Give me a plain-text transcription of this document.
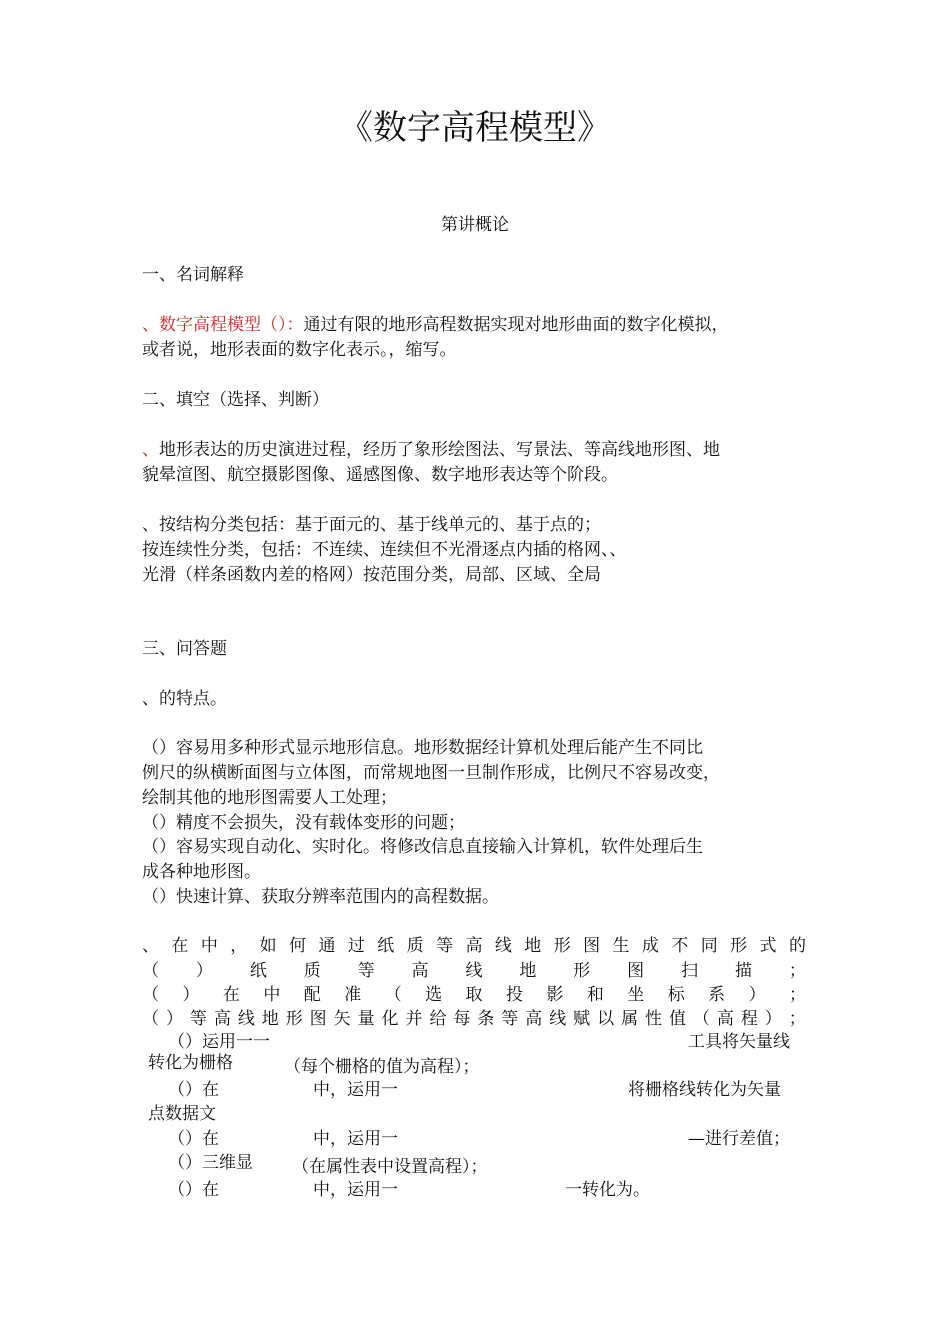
《数字高程模型》
第讲概论
一、名词解释
、数字高程模型（）：通过有限的地形高程数据实现对地形曲面的数字化模拟，
或者说，地形表面的数字化表示。，缩写。
二、填空（选择、判断）
、地形表达的历史演进过程，经历了象形绘图法、写景法、等高线地形图、地
貌晕渲图、航空摄影图像、遥感图像、数字地形表达等个阶段。
、按结构分类包括：基于面元的、基于线单元的、基于点的；
按连续性分类，包括：不连续、连续但不光滑逐点内插的格网、、
光滑（样条函数内差的格网）按范围分类，局部、区域、全局
三、问答题
、的特点。
（）容易用多种形式显示地形信息。地形数据经计算机处理后能产生不同比
例尺的纵横断面图与立体图，而常规地图一旦制作形成，比例尺不容易改变，
绘制其他的地形图需要人工处理；
（）精度不会损失，没有载体变形的问题；
（）容易实现自动化、实时化。将修改信息直接输入计算机，软件处理后生
成各种地形图。
（）快速计算、获取分辨率范围内的高程数据。
、 在 中 ， 如 何 通 过 纸 质 等 高 线 地 形 图 生 成 不 同 形 式 的
（ ） 纸 质 等 高 线 地 形 图 扫 描 ；
（ ） 在 中 配 准 （ 选 取 投 影 和 坐 标 系 ） ；
（ ） 等 高 线 地 形 图 矢 量 化 并 给 每 条 等 高 线 赋 以 属 性 值 （ 高 程 ） ；
（）运用一一	工具将矢量线
转化为栅格	（每个栅格的值为高程）；
（）在	中，运用一	将栅格线转化为矢量
点数据文
（）在	中，运用一	—进行差值；
（）三维显 （在属性表中设置高程）；
（）在	中，运用一	一转化为。
